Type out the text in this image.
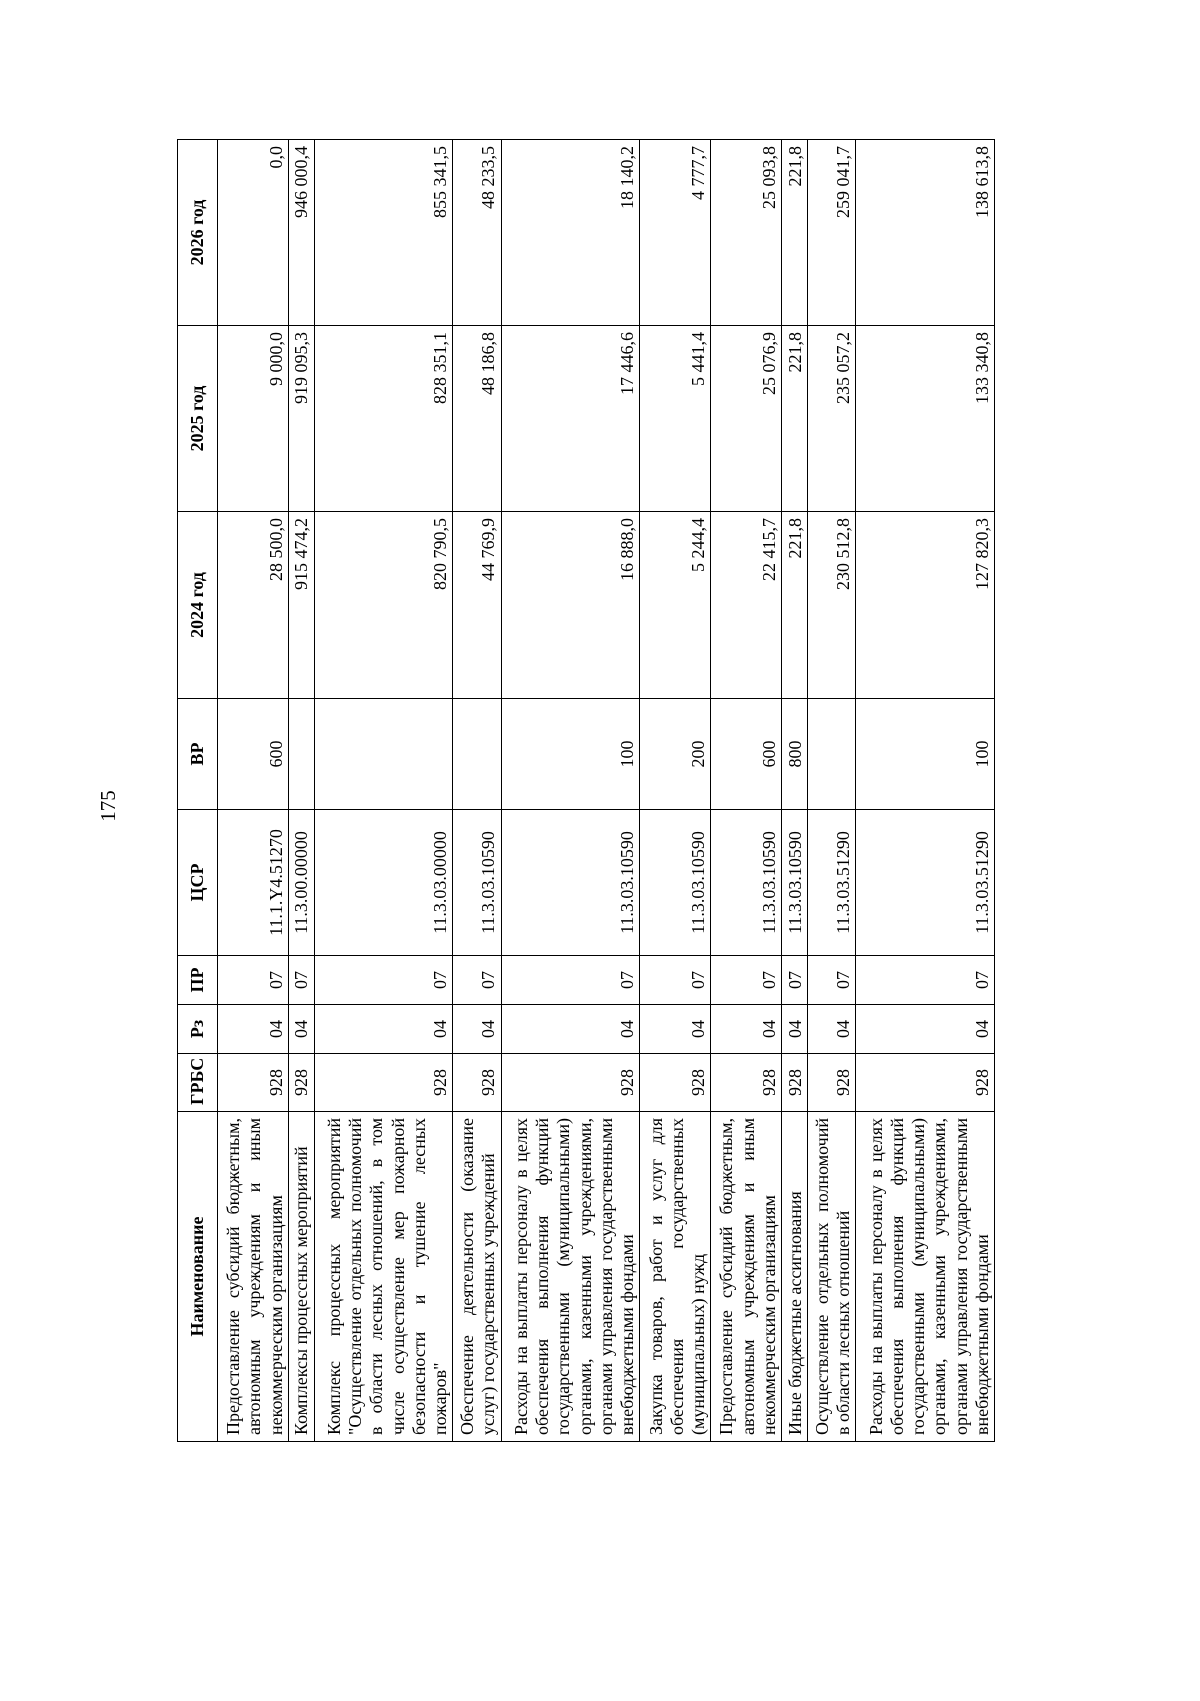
175
Наименование	ГРБС	Рз	ПР	ЦСР	ВР	2024 год	2025 год	2026 год
Предоставление субсидий бюджетным, автономным учреждениям и иным некоммерческим организациям	928	04	07	11.1.Y4.51270	600	28 500,0	9 000,0	0,0
Комплексы процессных мероприятий	928	04	07	11.3.00.00000		915 474,2	919 095,3	946 000,4
Комплекс процессных мероприятий "Осуществление отдельных полномочий в области лесных отношений, в том числе осуществление мер пожарной безопасности и тушение лесных пожаров"	928	04	07	11.3.03.00000		820 790,5	828 351,1	855 341,5
Обеспечение деятельности (оказание услуг) государственных учреждений	928	04	07	11.3.03.10590		44 769,9	48 186,8	48 233,5
Расходы на выплаты персоналу в целях обеспечения выполнения функций государственными (муниципальными) органами, казенными учреждениями, органами управления государственными внебюджетными фондами	928	04	07	11.3.03.10590	100	16 888,0	17 446,6	18 140,2
Закупка товаров, работ и услуг для обеспечения государственных (муниципальных) нужд	928	04	07	11.3.03.10590	200	5 244,4	5 441,4	4 777,7
Предоставление субсидий бюджетным, автономным учреждениям и иным некоммерческим организациям	928	04	07	11.3.03.10590	600	22 415,7	25 076,9	25 093,8
Иные бюджетные ассигнования	928	04	07	11.3.03.10590	800	221,8	221,8	221,8
Осуществление отдельных полномочий в области лесных отношений	928	04	07	11.3.03.51290		230 512,8	235 057,2	259 041,7
Расходы на выплаты персоналу в целях обеспечения выполнения функций государственными (муниципальными) органами, казенными учреждениями, органами управления государственными внебюджетными фондами	928	04	07	11.3.03.51290	100	127 820,3	133 340,8	138 613,8
